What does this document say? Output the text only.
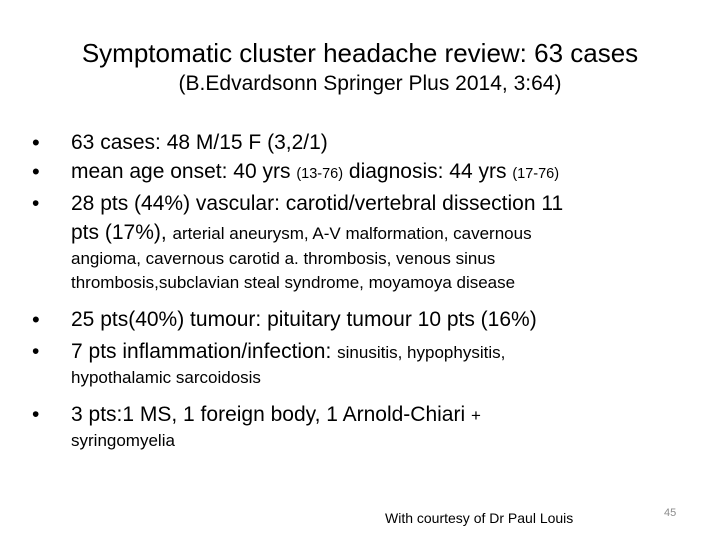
Symptomatic cluster headache review: 63 cases
(B.Edvardsonn Springer Plus 2014, 3:64)
• 63 cases: 48 M/15 F (3,2/1)
• mean age onset: 40 yrs (13-76) diagnosis: 44 yrs (17-76)
• 28 pts (44%) vascular: carotid/vertebral dissection 11
pts (17%), arterial aneurysm, A-V malformation, cavernous
angioma, cavernous carotid a. thrombosis, venous sinus
thrombosis,subclavian steal syndrome, moyamoya disease
• 25 pts(40%) tumour: pituitary tumour 10 pts (16%)
• 7 pts inflammation/infection: sinusitis, hypophysitis,
hypothalamic sarcoidosis
• 3 pts:1 MS, 1 foreign body, 1 Arnold-Chiari +
syringomyelia
With courtesy of Dr Paul Louis	45
